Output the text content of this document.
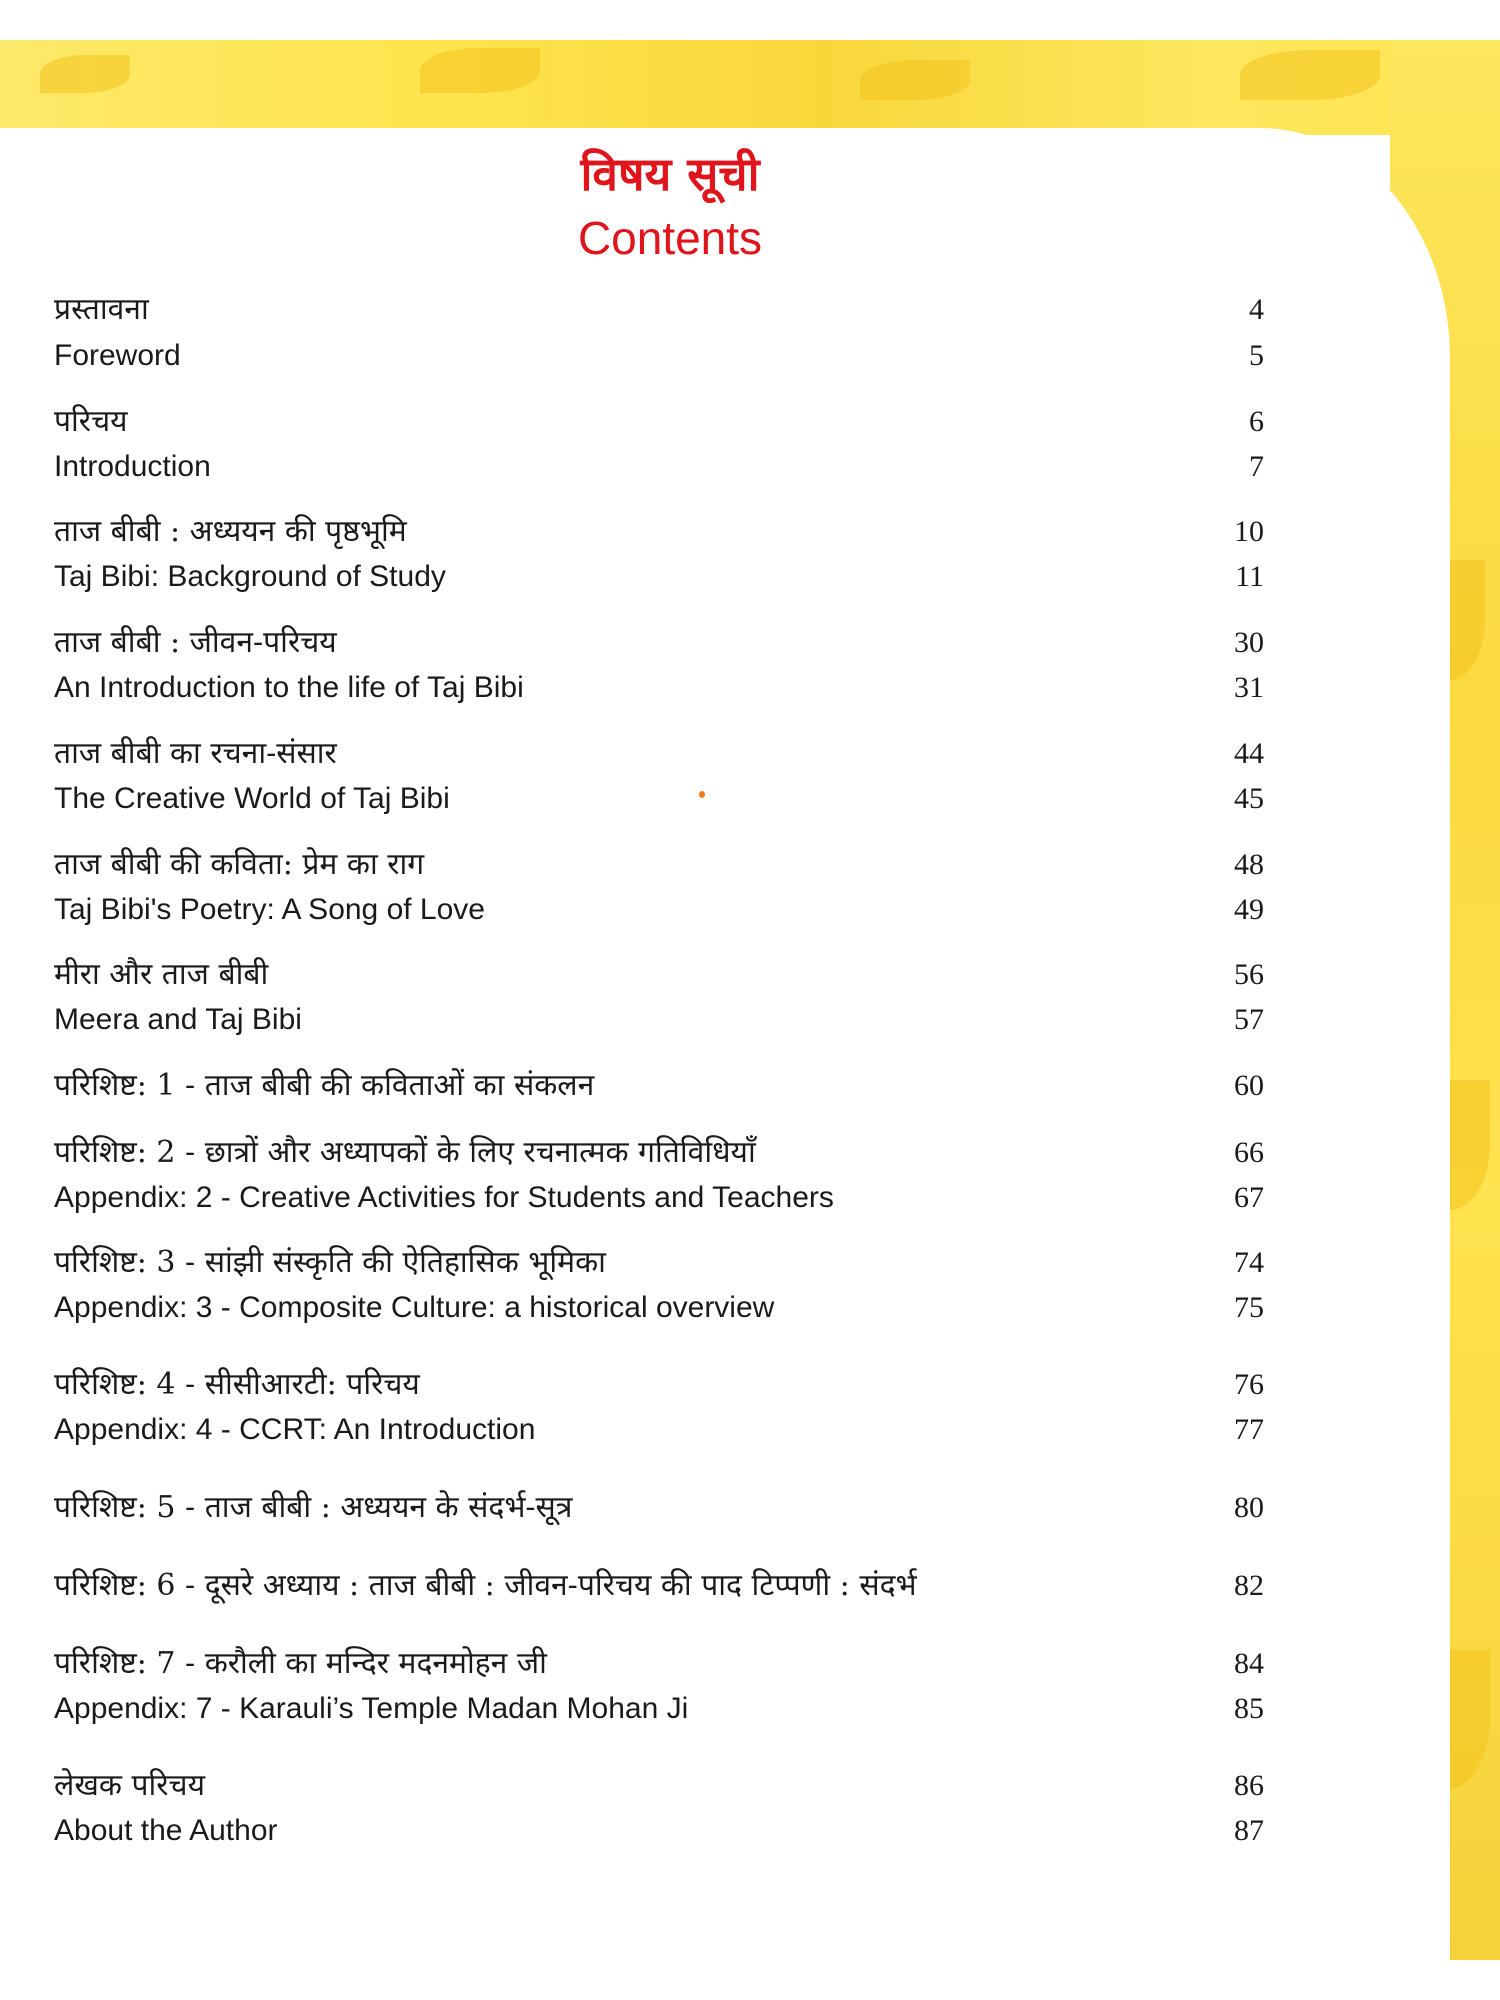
विषय सूची
Contents
प्रस्तावना	4
Foreword	5
परिचय	6
Introduction	7
ताज बीबी : अध्ययन की पृष्ठभूमि	10
Taj Bibi: Background of Study	11
ताज बीबी : जीवन-परिचय	30
An Introduction to the life of Taj Bibi	31
ताज बीबी का रचना-संसार	44
The Creative World of Taj Bibi	45
ताज बीबी की कविता: प्रेम का राग	48
Taj Bibi's Poetry: A Song of Love	49
मीरा और ताज बीबी	56
Meera and Taj Bibi	57
परिशिष्ट: 1 - ताज बीबी की कविताओं का संकलन	60
परिशिष्ट: 2 - छात्रों और अध्यापकों के लिए रचनात्मक गतिविधियाँ	66
Appendix: 2 - Creative Activities for Students and Teachers	67
परिशिष्ट: 3 - सांझी संस्कृति की ऐतिहासिक भूमिका	74
Appendix: 3 - Composite Culture: a historical overview	75
परिशिष्ट: 4 - सीसीआरटी: परिचय	76
Appendix: 4 - CCRT: An Introduction	77
परिशिष्ट: 5 - ताज बीबी : अध्ययन के संदर्भ-सूत्र	80
परिशिष्ट: 6 - दूसरे अध्याय : ताज बीबी : जीवन-परिचय की पाद टिप्पणी : संदर्भ	82
परिशिष्ट: 7 - करौली का मन्दिर मदनमोहन जी	84
Appendix: 7 - Karauli’s Temple Madan Mohan Ji	85
लेखक परिचय	86
About the Author	87
